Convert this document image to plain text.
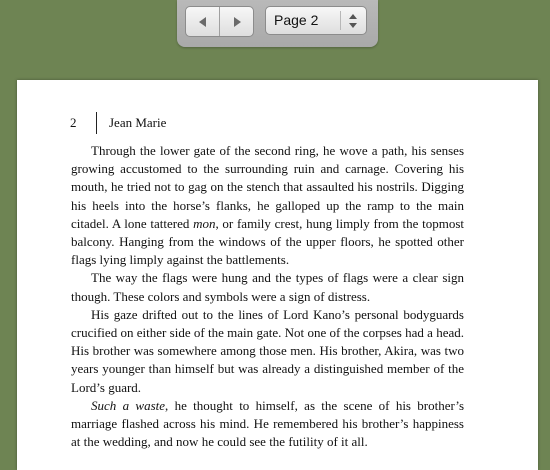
Page 2
2	Jean Marie

Through the lower gate of the second ring, he wove a path, his senses growing accustomed to the surrounding ruin and carnage. Covering his mouth, he tried not to gag on the stench that assaulted his nostrils. Digging his heels into the horse’s flanks, he galloped up the ramp to the main citadel. A lone tattered mon, or family crest, hung limply from the topmost balcony. Hanging from the windows of the upper floors, he spotted other flags lying limply against the battlements.

The way the flags were hung and the types of flags were a clear sign though. These colors and symbols were a sign of distress.

His gaze drifted out to the lines of Lord Kano’s personal bodyguards crucified on either side of the main gate. Not one of the corpses had a head. His brother was somewhere among those men. His brother, Akira, was two years younger than himself but was already a distinguished member of the Lord’s guard.

Such a waste, he thought to himself, as the scene of his brother’s marriage flashed across his mind. He remembered his brother’s happiness at the wedding, and now he could see the futility of it all.
